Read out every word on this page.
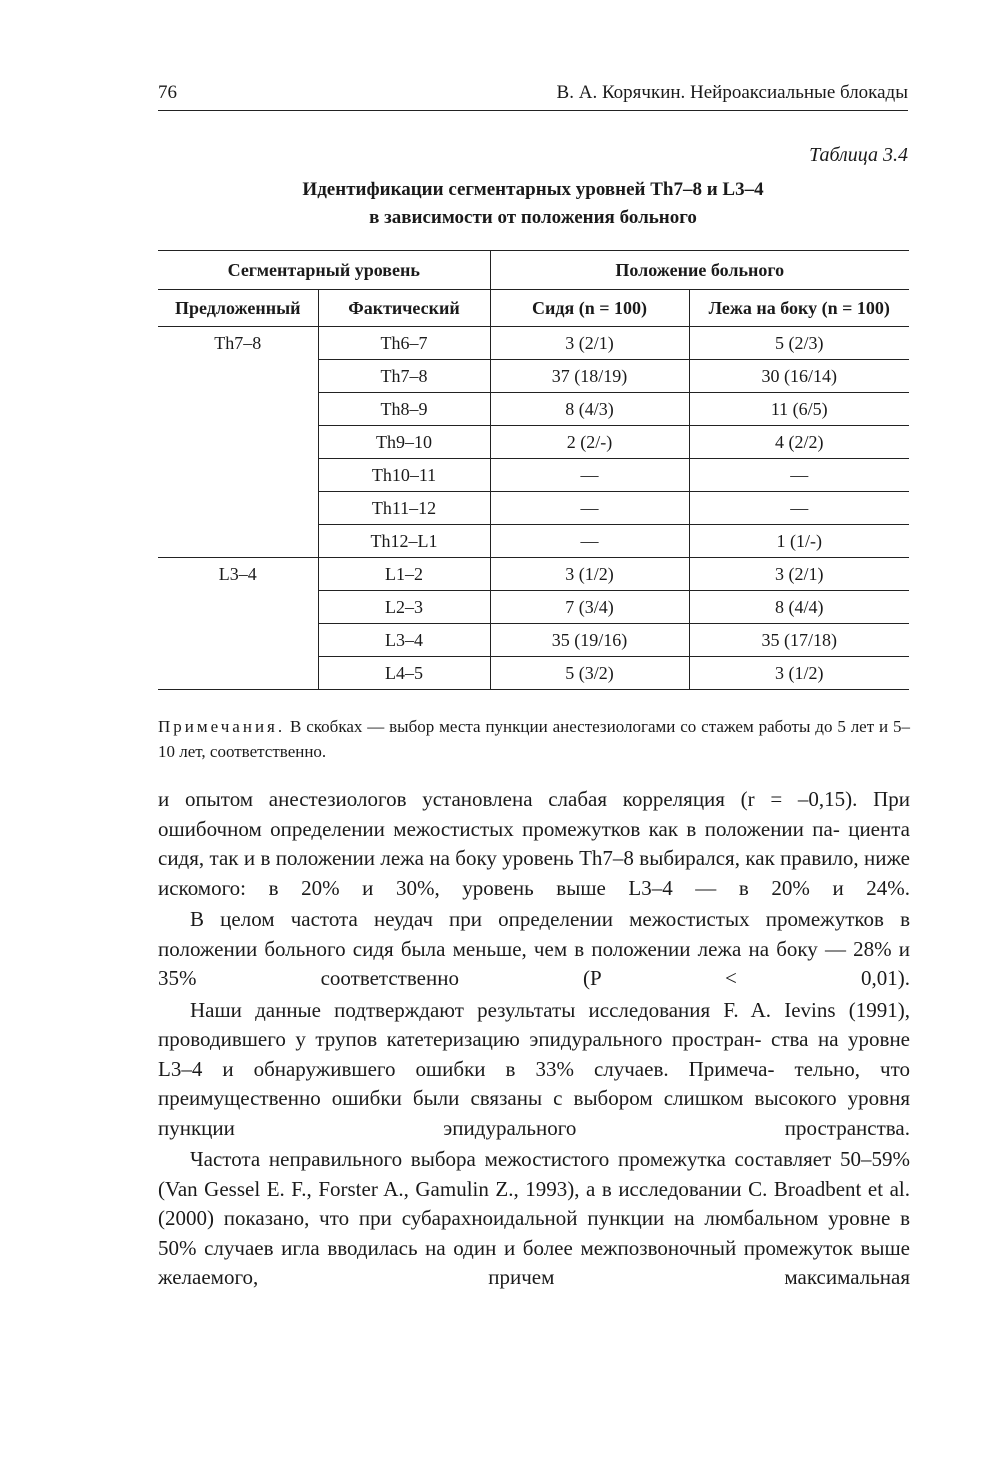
76	В. А. Корячкин. Нейроаксиальные блокады
Таблица 3.4
Идентификации сегментарных уровней Th7–8 и L3–4
в зависимости от положения больного
Сегментарный уровень		Положение больного	
Предложенный	Фактический	Сидя (n = 100)	Лежа на боку (n = 100)
Th7–8	Th6–7	3 (2/1)	5 (2/3)
	Th7–8	37 (18/19)	30 (16/14)
	Th8–9	8 (4/3)	11 (6/5)
	Th9–10	2 (2/-)	4 (2/2)
	Th10–11	—	—
	Th11–12	—	—
	Th12–L1	—	1 (1/-)
L3–4	L1–2	3 (1/2)	3 (2/1)
	L2–3	7 (3/4)	8 (4/4)
	L3–4	35 (19/16)	35 (17/18)
	L4–5	5 (3/2)	3 (1/2)
Примечания. В скобках — выбор места пункции анестезиологами со стажем работы до 5 лет и 5–10 лет, соответственно.

и опытом анестезиологов установлена слабая корреляция (r = –0,15). При ошибочном определении межостистых промежутков как в положении па- циента сидя, так и в положении лежа на боку уровень Th7–8 выбирался, как правило, ниже искомого: в 20% и 30%, уровень выше L3–4 — в 20% и 24%.

В целом частота неудач при определении межостистых промежутков в положении больного сидя была меньше, чем в положении лежа на боку — 28% и 35% соответственно (P < 0,01).

Наши данные подтверждают результаты исследования F. A. Ievins (1991), проводившего у трупов катетеризацию эпидурального простран- ства на уровне L3–4 и обнаружившего ошибки в 33% случаев. Примеча- тельно, что преимущественно ошибки были связаны с выбором слишком высокого уровня пункции эпидурального пространства.

Частота неправильного выбора межостистого промежутка составляет 50–59% (Van Gessel E. F., Forster A., Gamulin Z., 1993), а в исследовании C. Broadbent et al. (2000) показано, что при субарахноидальной пункции на люмбальном уровне в 50% случаев игла вводилась на один и более межпозвоночный промежуток выше желаемого, причем максимальная
